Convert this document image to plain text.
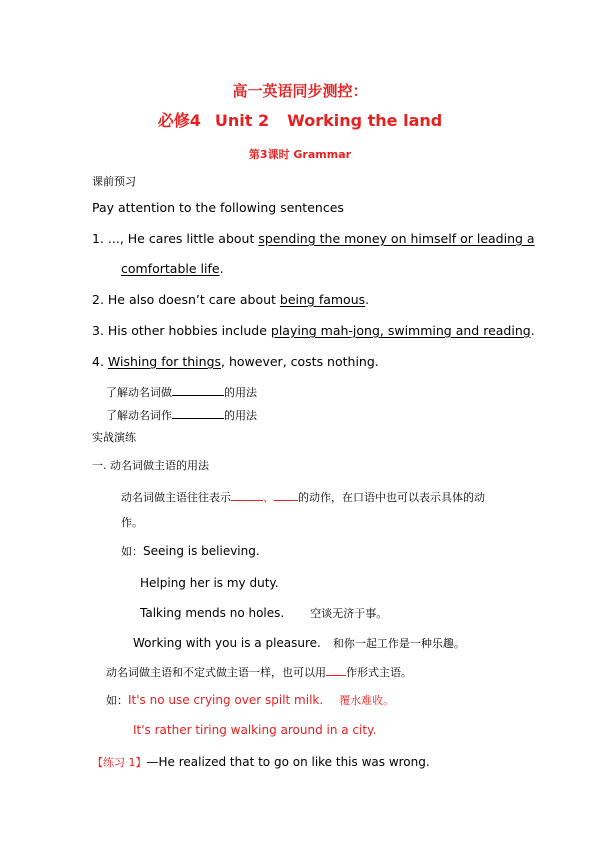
高一英语同步测控：
必修4 Unit 2 Working the land
第3课时 Grammar
课前预习
Pay attention to the following sentences
1. ..., He cares little about spending the money on himself or leading a
comfortable life.
2. He also doesn’t care about being famous.
3. His other hobbies include playing mah-jong, swimming and reading.
4. Wishing for things, however, costs nothing.
了解动名词做	的用法
了解动名词作	的用法
实战演练
一. 动名词做主语的用法
动名词做主语往往表示	、 的动作，在口语中也可以表示具体的动
作。
如：Seeing is believing.
Helping her is my duty.
Talking mends no holes. 空谈无济于事。
Working with you is a pleasure. 和你一起工作是一种乐趣。
动名词做主语和不定式做主语一样，也可以用 作形式主语。
如：It's no use crying over spilt milk. 覆水难收。
It's rather tiring walking around in a city.
【练习 1】—He realized that to go on like this was wrong.
